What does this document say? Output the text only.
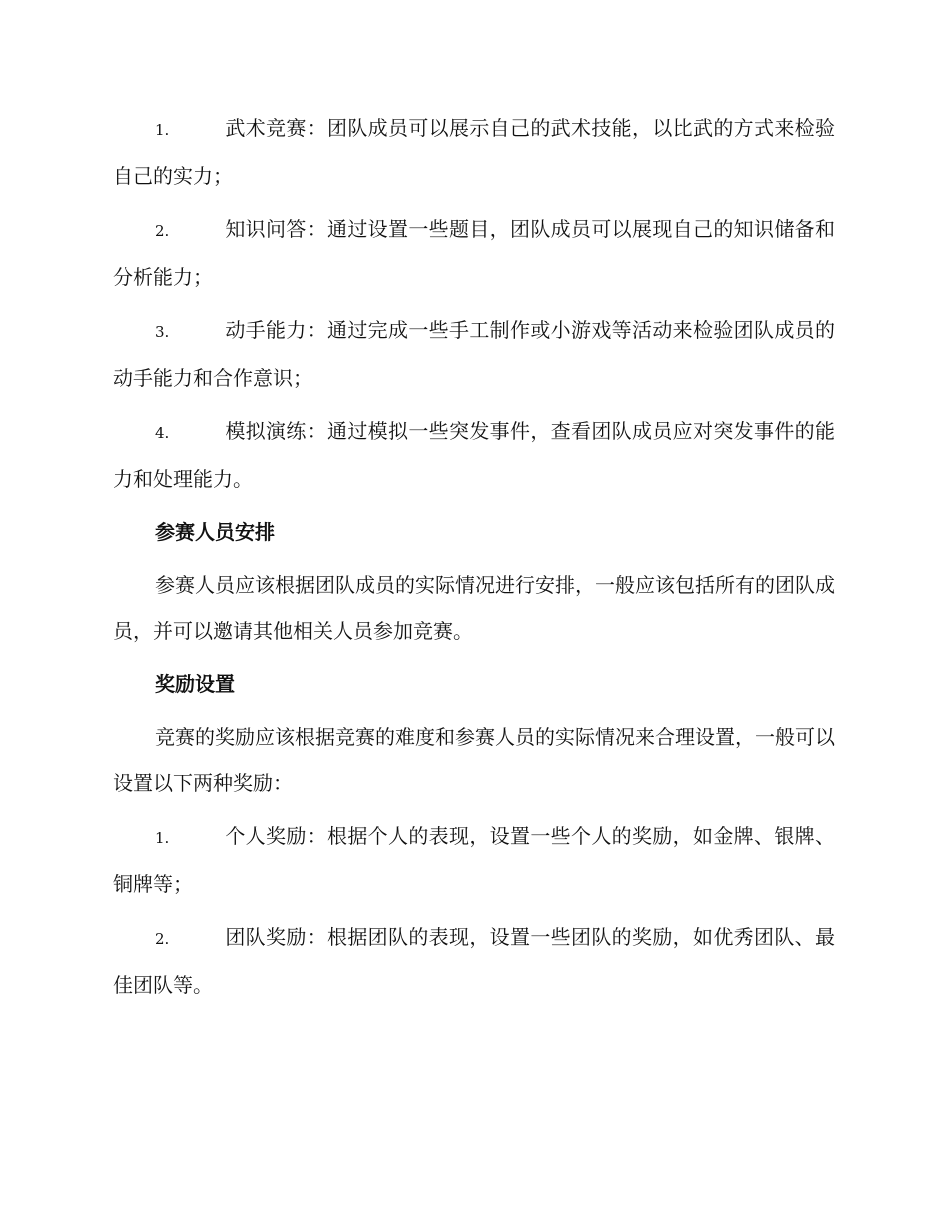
1.	武术竞赛：团队成员可以展示自己的武术技能，以比武的方式来检验自己的实力；

2.	知识问答：通过设置一些题目，团队成员可以展现自己的知识储备和分析能力；

3.	动手能力：通过完成一些手工制作或小游戏等活动来检验团队成员的动手能力和合作意识；

4.	模拟演练：通过模拟一些突发事件，查看团队成员应对突发事件的能力和处理能力。

参赛人员安排

参赛人员应该根据团队成员的实际情况进行安排，一般应该包括所有的团队成员，并可以邀请其他相关人员参加竞赛。

奖励设置

竞赛的奖励应该根据竞赛的难度和参赛人员的实际情况来合理设置，一般可以设置以下两种奖励：

1.	个人奖励：根据个人的表现，设置一些个人的奖励，如金牌、银牌、铜牌等；

2.	团队奖励：根据团队的表现，设置一些团队的奖励，如优秀团队、最佳团队等。
